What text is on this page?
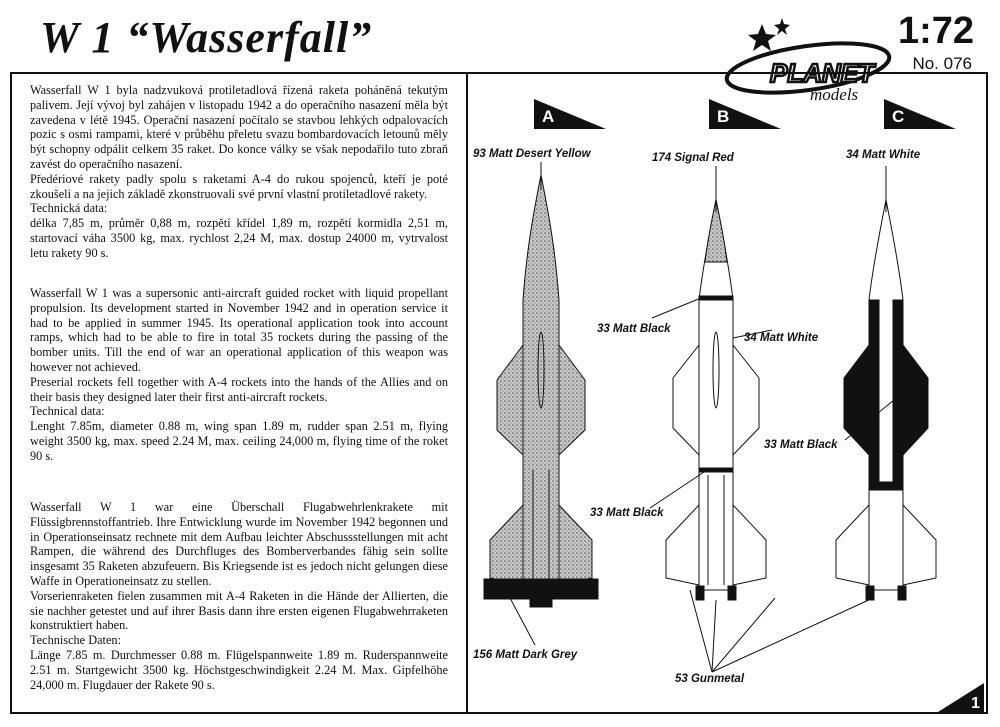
W 1 “Wasserfall”	1:72
No. 076
PLANET
models

Wasserfall W 1 byla nadzvuková protiletadlová řízená raketa poháněná tekutým palivem. Její vývoj byl zahájen v listopadu 1942 a do operačního nasazení měla být zavedena v létě 1945. Operační nasazení počítalo se stavbou lehkých odpalovacích pozic s osmi rampami, které v průběhu přeletu svazu bombardovacích letounů měly být schopny odpálit celkem 35 raket. Do konce války se však nepodařilo tuto zbraň zavést do operačního nasazení.

Předériové rakety padly spolu s raketami A-4 do rukou spojenců, kteří je poté zkoušeli a na jejich základě zkonstruovali své první vlastní protiletadlové rakety.

Technická data:

délka 7,85 m, průměr 0,88 m, rozpětí křídel 1,89 m, rozpětí kormidla 2,51 m, startovací váha 3500 kg, max. rychlost 2,24 M, max. dostup 24000 m, vytrvalost letu rakety 90 s.

Wasserfall W 1 was a supersonic anti-aircraft guided rocket with liquid propellant propulsion. Its development started in November 1942 and in operation service it had to be applied in summer 1945. Its operational application took into account ramps, which had to be able to fire in total 35 rockets during the passing of the bomber units. Till the end of war an operational application of this weapon was however not achieved.

Preserial rockets fell together with A-4 rockets into the hands of the Allies and on their basis they designed later their first anti-aircraft rockets.

Technical data:

Lenght 7.85m, diameter 0.88 m, wing span 1.89 m, rudder span 2.51 m, flying weight 3500 kg, max. speed 2.24 M, max. ceiling 24,000 m, flying time of the roket 90 s.

Wasserfall W 1 war eine Überschall Flugabwehrlenkrakete mit Flüssigbrennstoffantrieb. Ihre Entwicklung wurde im November 1942 begonnen und in Operationseinsatz rechnete mit dem Aufbau leichter Abschussstellungen mit acht Rampen, die während des Durchfluges des Bomberverbandes fähig sein sollte insgesamt 35 Raketen abzufeuern. Bis Kriegsende ist es jedoch nicht gelungen diese Waffe in Operationeinsatz zu stellen.

Vorserienraketen fielen zusammen mit A-4 Raketen in die Hände der Allierten, die sie nachher getestet und auf ihrer Basis dann ihre ersten eigenen Flugabwehrraketen konstruktiert haben.

Technische Daten:

Länge 7.85 m. Durchmesser 0.88 m. Flügelspannweite 1.89 m. Ruderspannweite 2.51 m. Startgewicht 3500 kg. Höchstgeschwindigkeit 2.24 M. Max. Gipfelhöhe 24,000 m. Flugdauer der Rakete 90 s.

A	B	C
93 Matt Desert Yellow	174 Signal Red	34 Matt White
33 Matt Black
34 Matt White
33 Matt Black
33 Matt Black
156 Matt Dark Grey
53 Gunmetal
1
